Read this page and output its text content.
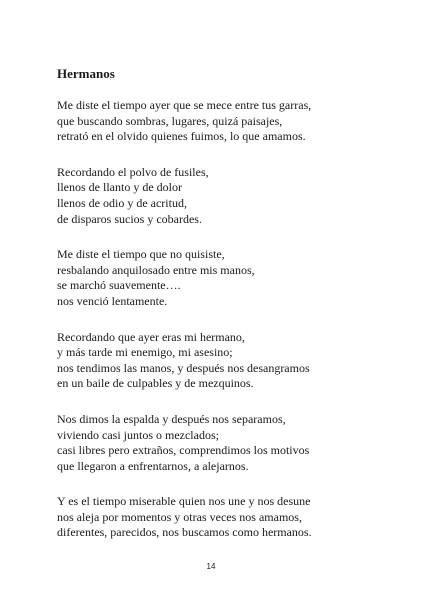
Hermanos
Me diste el tiempo ayer que se mece entre tus garras,
que buscando sombras, lugares, quizá paisajes,
retrató en el olvido quienes fuimos, lo que amamos.
Recordando el polvo de fusiles,
llenos de llanto y de dolor
llenos de odio y de acritud,
de disparos sucios y cobardes.
Me diste el tiempo que no quisiste,
resbalando anquilosado entre mis manos,
se marchó suavemente….
nos venció lentamente.
Recordando que ayer eras mi hermano,
y más tarde mi enemigo, mi asesino;
nos tendimos las manos, y después nos desangramos
en un baile de culpables y de mezquinos.
Nos dimos la espalda y después nos separamos,
viviendo casi juntos o mezclados;
casi libres pero extraños, comprendimos los motivos
que llegaron a enfrentarnos, a alejarnos.
Y es el tiempo miserable quien nos une y nos desune
nos aleja por momentos y otras veces nos amamos,
diferentes, parecidos, nos buscamos como hermanos.
14
